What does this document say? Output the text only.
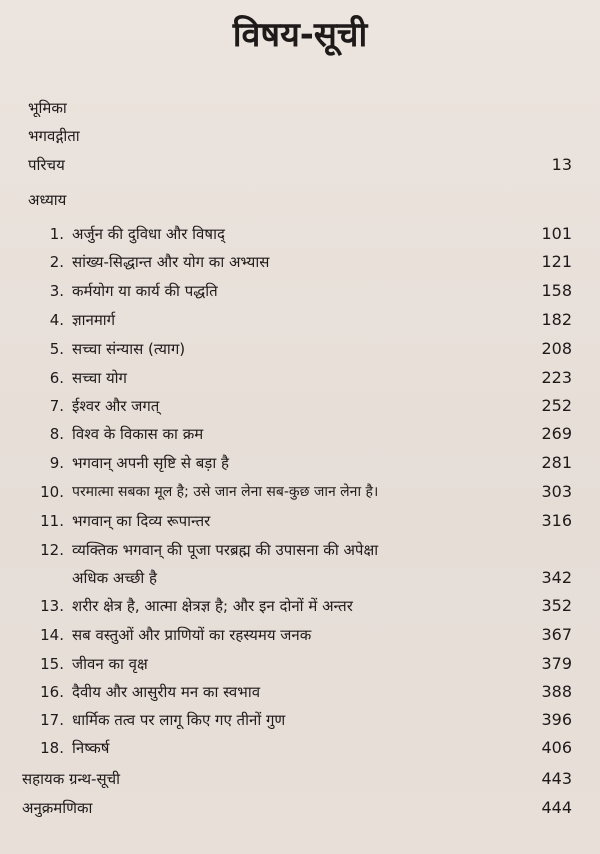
विषय-सूची
भूमिका
भगवद्गीता
परिचय	13
अध्याय
1. अर्जुन की दुविधा और विषाद्	101
2. सांख्य-सिद्धान्त और योग का अभ्यास	121
3. कर्मयोग या कार्य की पद्धति	158
4. ज्ञानमार्ग	182
5. सच्चा संन्यास (त्याग)	208
6. सच्चा योग	223
7. ईश्वर और जगत्	252
8. विश्व के विकास का क्रम	269
9. भगवान् अपनी सृष्टि से बड़ा है	281
10. परमात्मा सबका मूल है; उसे जान लेना सब-कुछ जान लेना है।	303
11. भगवान् का दिव्य रूपान्तर	316
12. व्यक्तिक भगवान् की पूजा परब्रह्म की उपासना की अपेक्षा
अधिक अच्छी है	342
13. शरीर क्षेत्र है, आत्मा क्षेत्रज्ञ है; और इन दोनों में अन्तर	352
14. सब वस्तुओं और प्राणियों का रहस्यमय जनक	367
15. जीवन का वृक्ष	379
16. दैवीय और आसुरीय मन का स्वभाव	388
17. धार्मिक तत्व पर लागू किए गए तीनों गुण	396
18. निष्कर्ष	406
सहायक ग्रन्थ-सूची	443
अनुक्रमणिका	444
